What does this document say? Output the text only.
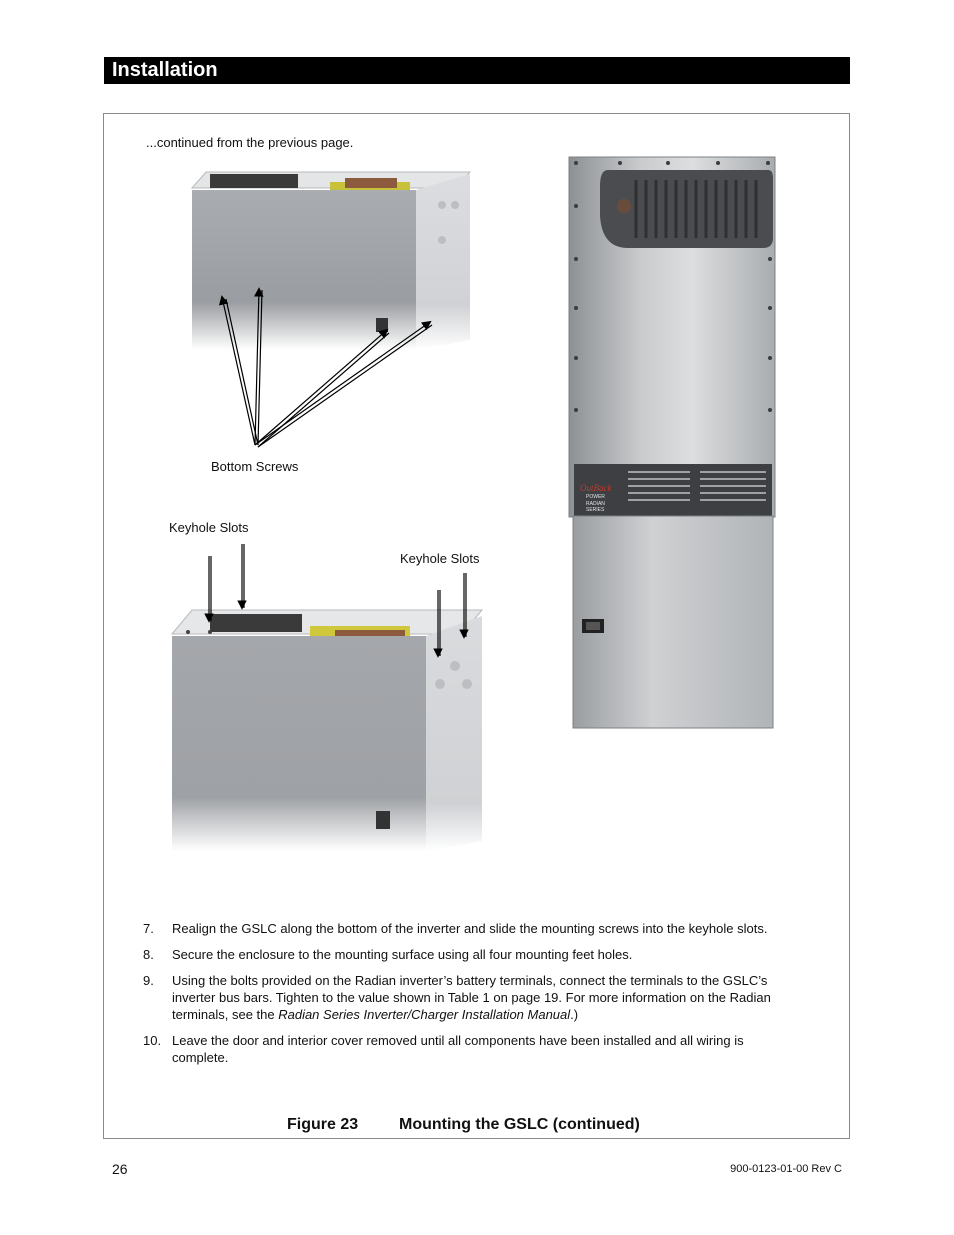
Installation
...continued from the previous page.
Bottom Screws
Keyhole Slots
Keyhole Slots
OutBack
POWER
RADIAN
SERIES
7.	Realign the GSLC along the bottom of the inverter and slide the mounting screws into the keyhole slots.
8.	Secure the enclosure to the mounting surface using all four mounting feet holes.
9.	Using the bolts provided on the Radian inverter’s battery terminals, connect the terminals to the GSLC’s inverter bus bars. Tighten to the value shown in Table 1 on page 19. For more information on the Radian terminals, see the Radian Series Inverter/Charger Installation Manual.)
10. Leave the door and interior cover removed until all components have been installed and all wiring is complete.
Figure 23	Mounting the GSLC (continued)
26	900-0123-01-00 Rev C
